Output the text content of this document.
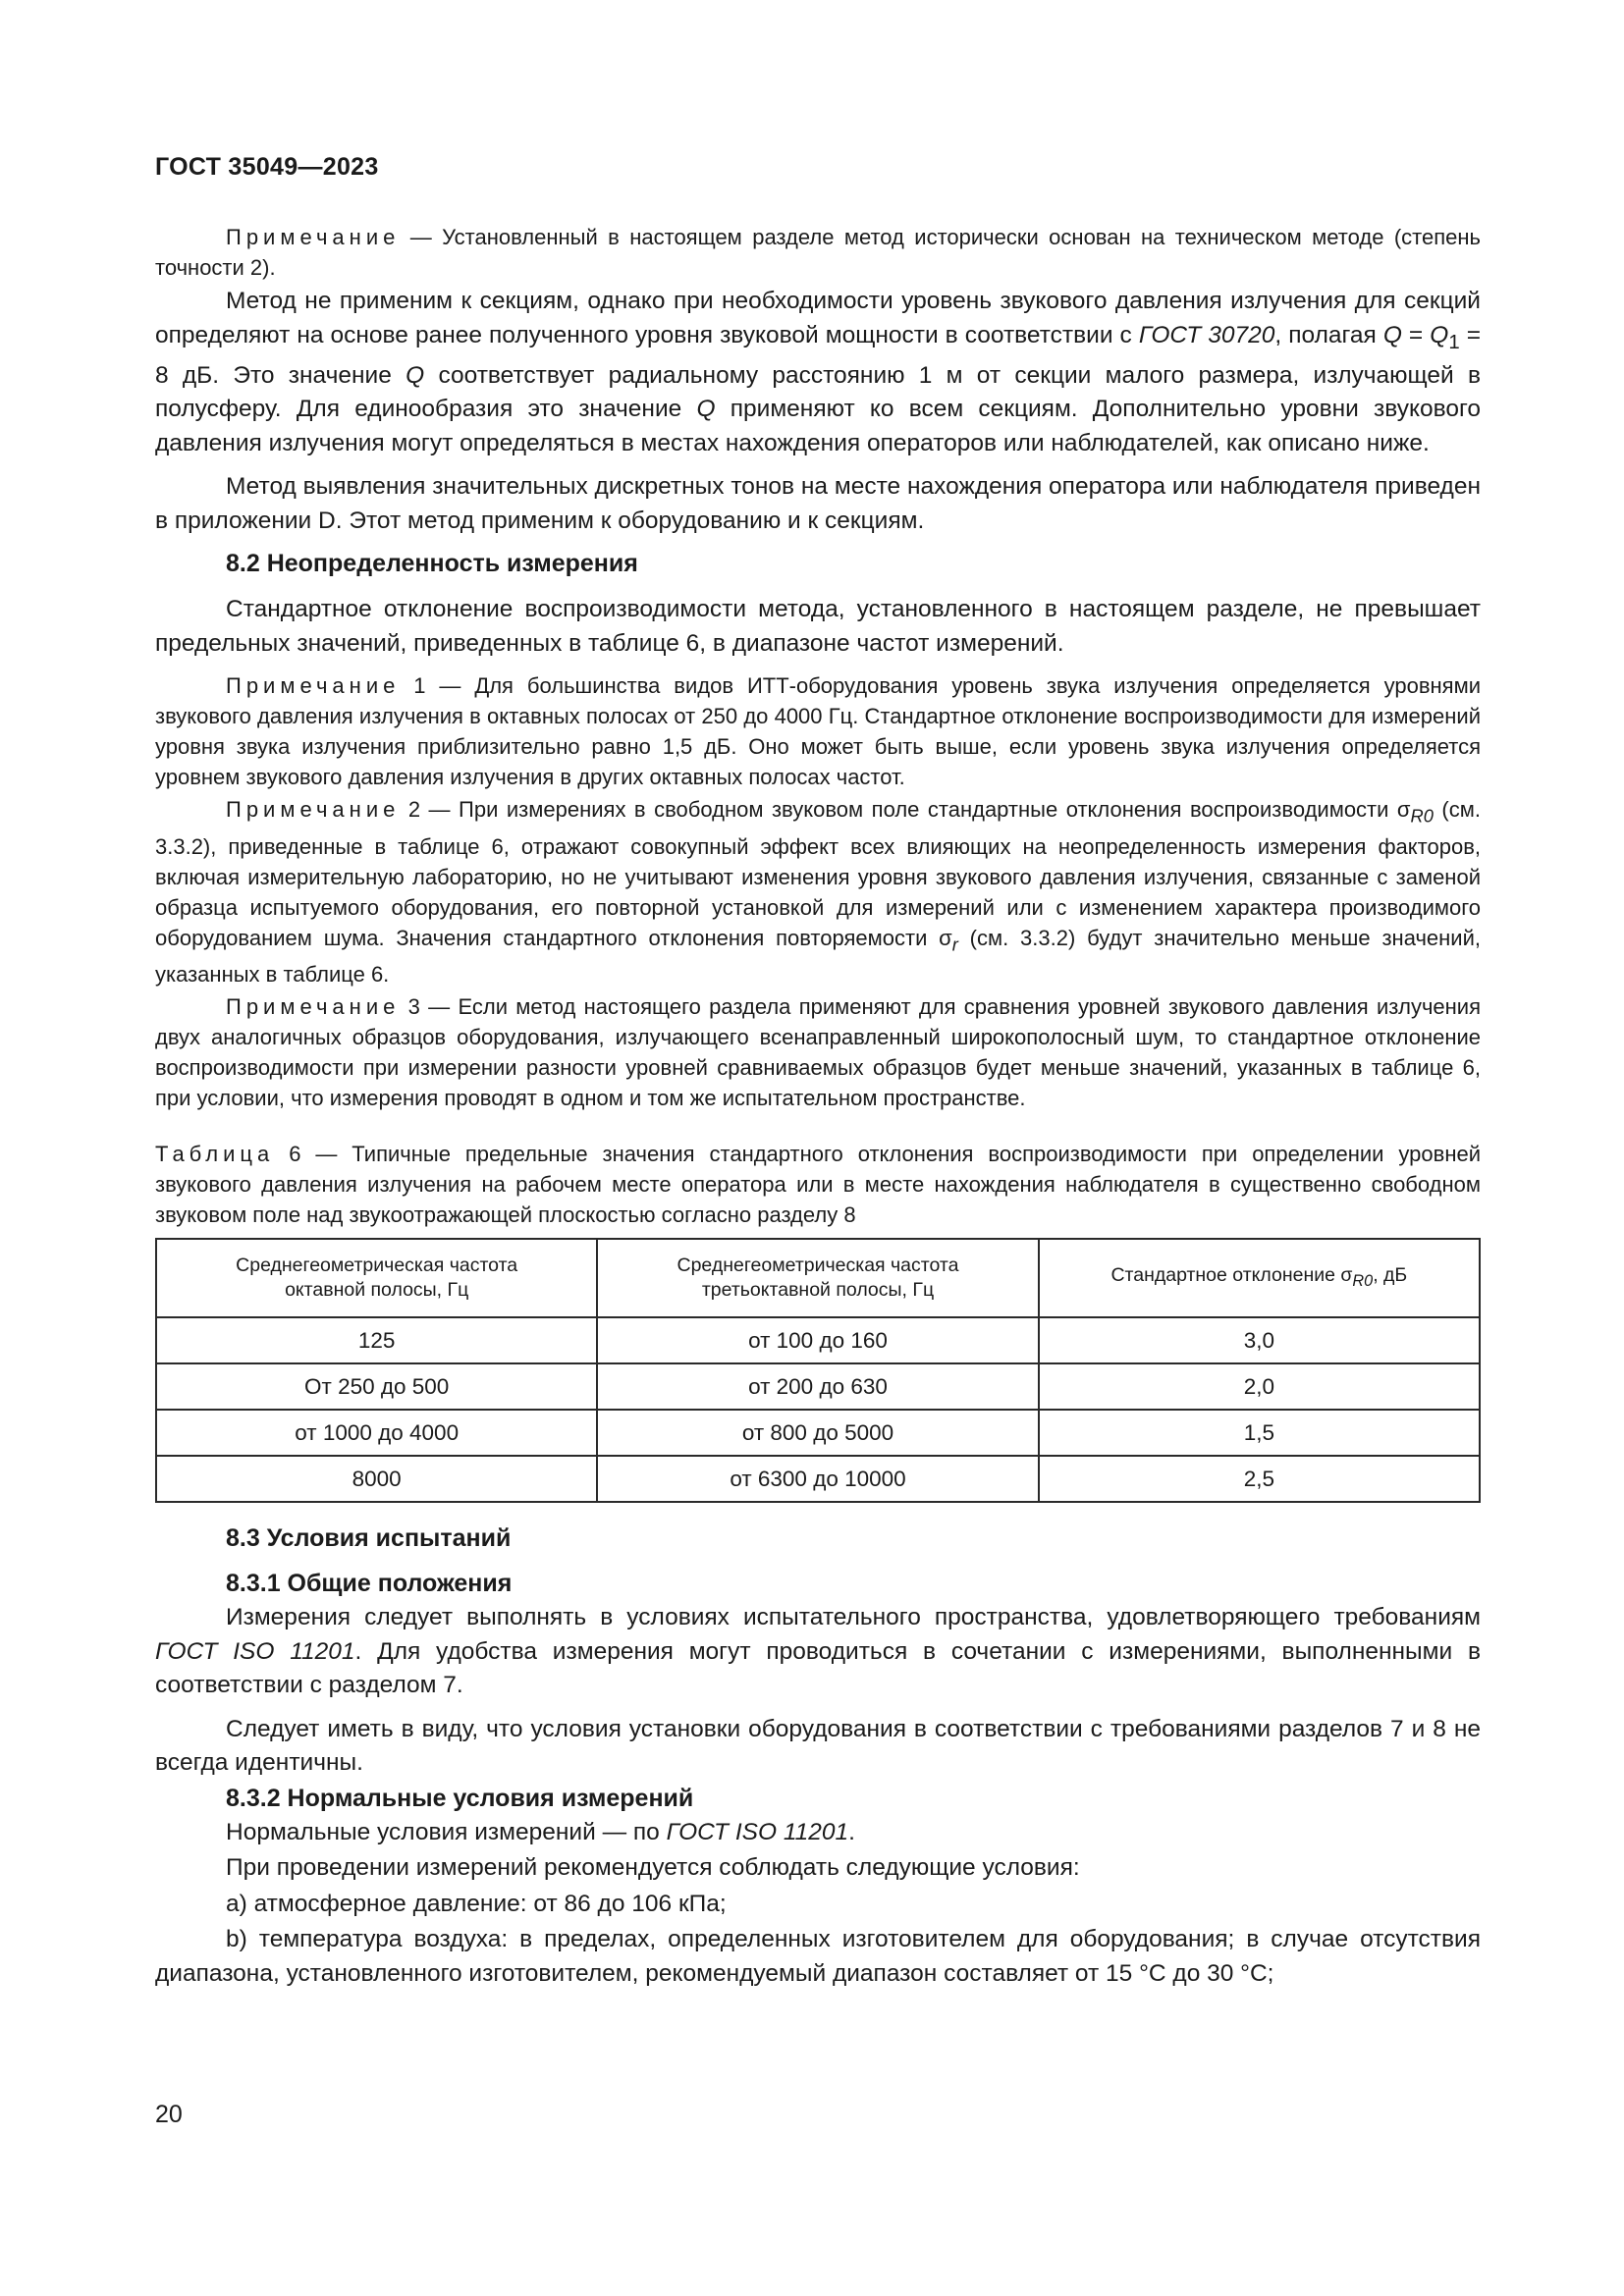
ГОСТ 35049—2023

Примечание — Установленный в настоящем разделе метод исторически основан на техническом методе (степень точности 2).

Метод не применим к секциям, однако при необходимости уровень звукового давления излучения для секций определяют на основе ранее полученного уровня звуковой мощности в соответствии с ГОСТ 30720, полагая $Q = Q_1 = 8$ дБ. Это значение Q соответствует радиальному расстоянию 1 м от секции малого размера, излучающей в полусферу. Для единообразия это значение Q применяют ко всем секциям. Дополнительно уровни звукового давления излучения могут определяться в местах нахождения операторов или наблюдателей, как описано ниже.

Метод выявления значительных дискретных тонов на месте нахождения оператора или наблюдателя приведен в приложении D. Этот метод применим к оборудованию и к секциям.

8.2 Неопределенность измерения

Стандартное отклонение воспроизводимости метода, установленного в настоящем разделе, не превышает предельных значений, приведенных в таблице 6, в диапазоне частот измерений.

Примечание 1 — Для большинства видов ИТТ-оборудования уровень звука излучения определяется уровнями звукового давления излучения в октавных полосах от 250 до 4000 Гц. Стандартное отклонение воспроизводимости для измерений уровня звука излучения приблизительно равно 1,5 дБ. Оно может быть выше, если уровень звука излучения определяется уровнем звукового давления излучения в других октавных полосах частот.

Примечание 2 — При измерениях в свободном звуковом поле стандартные отклонения воспроизводимости $\sigma_{R0}$ (см. 3.3.2), приведенные в таблице 6, отражают совокупный эффект всех влияющих на неопределенность измерения факторов, включая измерительную лабораторию, но не учитывают изменения уровня звукового давления излучения, связанные с заменой образца испытуемого оборудования, его повторной установкой для измерений или с изменением характера производимого оборудованием шума. Значения стандартного отклонения повторяемости $\sigma_r$ (см. 3.3.2) будут значительно меньше значений, указанных в таблице 6.

Примечание 3 — Если метод настоящего раздела применяют для сравнения уровней звукового давления излучения двух аналогичных образцов оборудования, излучающего всенаправленный широкополосный шум, то стандартное отклонение воспроизводимости при измерении разности уровней сравниваемых образцов будет меньше значений, указанных в таблице 6, при условии, что измерения проводят в одном и том же испытательном пространстве.

Таблица 6 — Типичные предельные значения стандартного отклонения воспроизводимости при определении уровней звукового давления излучения на рабочем месте оператора или в месте нахождения наблюдателя в существенно свободном звуковом поле над звукоотражающей плоскостью согласно разделу 8

Среднегеометрическая частота
октавной полосы, Гц	Среднегеометрическая частота
третьоктавной полосы, Гц	Стандартное отклонение $\sigma_{R0}$, дБ
125	от 100 до 160	3,0
От 250 до 500	от 200 до 630	2,0
от 1000 до 4000	от 800 до 5000	1,5
8000	от 6300 до 10000	2,5
8.3 Условия испытаний
8.3.1 Общие положения

Измерения следует выполнять в условиях испытательного пространства, удовлетворяющего требованиям ГОСТ ISO 11201. Для удобства измерения могут проводиться в сочетании с измерениями, выполненными в соответствии с разделом 7.

Следует иметь в виду, что условия установки оборудования в соответствии с требованиями разделов 7 и 8 не всегда идентичны.

8.3.2 Нормальные условия измерений

Нормальные условия измерений — по ГОСТ ISO 11201.

При проведении измерений рекомендуется соблюдать следующие условия:

а) атмосферное давление: от 86 до 106 кПа;

b) температура воздуха: в пределах, определенных изготовителем для оборудования; в случае отсутствия диапазона, установленного изготовителем, рекомендуемый диапазон составляет от 15 °С до 30 °С;

20
